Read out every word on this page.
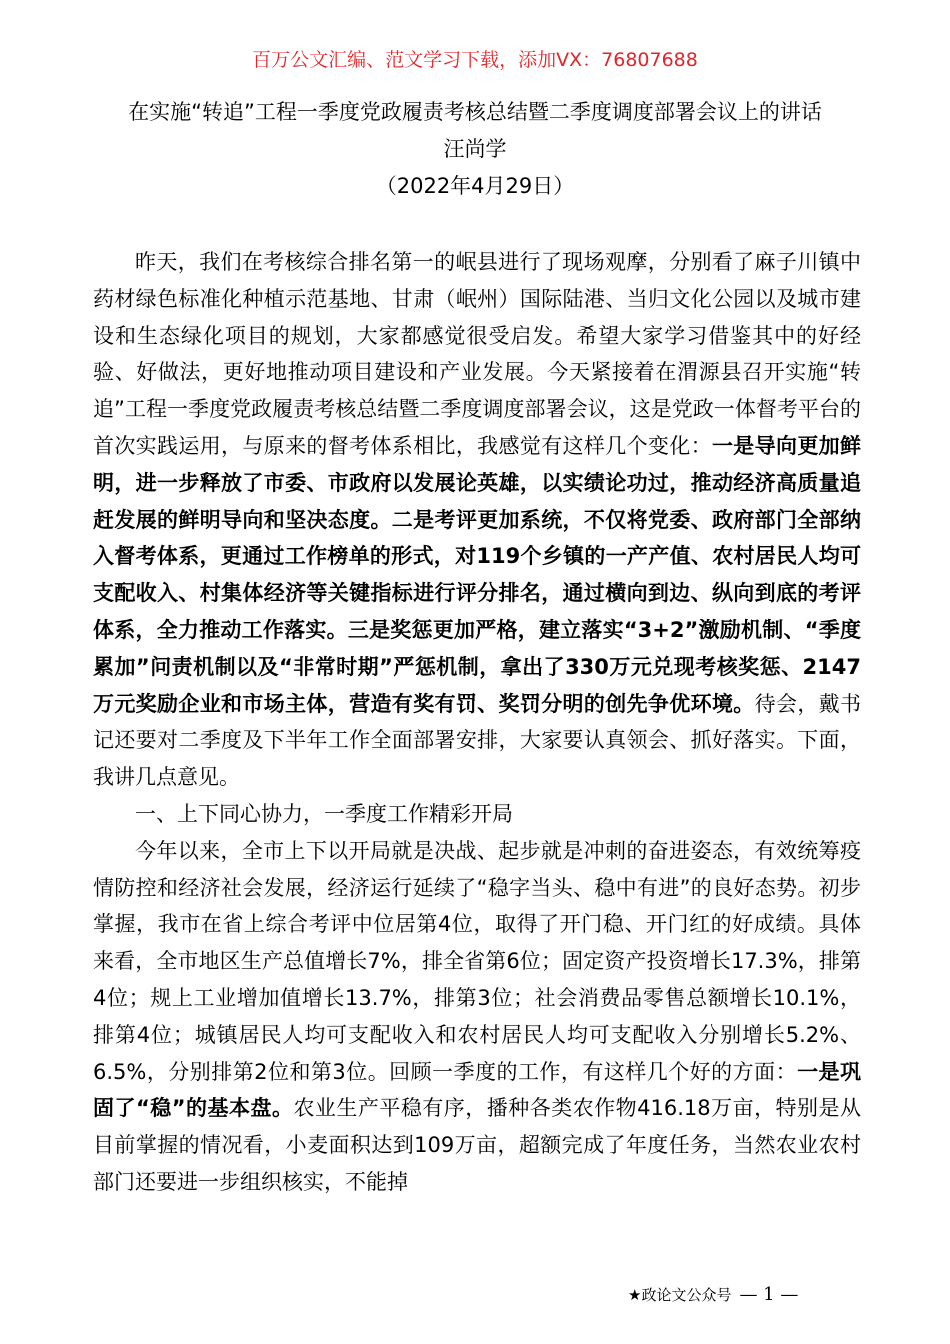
百万公文汇编、范文学习下载，添加VX：76807688

在实施“转追”工程一季度党政履责考核总结暨二季度调度部署会议上的讲话

汪尚学

（2022年4月29日）

昨天，我们在考核综合排名第一的岷县进行了现场观摩，分别看了麻子川镇中药材绿色标准化种植示范基地、甘肃（岷州）国际陆港、当归文化公园以及城市建设和生态绿化项目的规划，大家都感觉很受启发。希望大家学习借鉴其中的好经验、好做法，更好地推动项目建设和产业发展。今天紧接着在渭源县召开实施“转追”工程一季度党政履责考核总结暨二季度调度部署会议，这是党政一体督考平台的首次实践运用，与原来的督考体系相比，我感觉有这样几个变化：一是导向更加鲜明，进一步释放了市委、市政府以发展论英雄，以实绩论功过，推动经济高质量追赶发展的鲜明导向和坚决态度。二是考评更加系统，不仅将党委、政府部门全部纳入督考体系，更通过工作榜单的形式，对119个乡镇的一产产值、农村居民人均可支配收入、村集体经济等关键指标进行评分排名，通过横向到边、纵向到底的考评体系，全力推动工作落实。三是奖惩更加严格，建立落实“3+2”激励机制、“季度累加”问责机制以及“非常时期”严惩机制，拿出了330万元兑现考核奖惩、2147万元奖励企业和市场主体，营造有奖有罚、奖罚分明的创先争优环境。待会，戴书记还要对二季度及下半年工作全面部署安排，大家要认真领会、抓好落实。下面，我讲几点意见。

一、上下同心协力，一季度工作精彩开局

今年以来，全市上下以开局就是决战、起步就是冲刺的奋进姿态，有效统筹疫情防控和经济社会发展，经济运行延续了“稳字当头、稳中有进”的良好态势。初步掌握，我市在省上综合考评中位居第4位，取得了开门稳、开门红的好成绩。具体来看，全市地区生产总值增长7%，排全省第6位；固定资产投资增长17.3%，排第4位；规上工业增加值增长13.7%，排第3位；社会消费品零售总额增长10.1%，排第4位；城镇居民人均可支配收入和农村居民人均可支配收入分别增长5.2%、6.5%，分别排第2位和第3位。回顾一季度的工作，有这样几个好的方面：一是巩固了“稳”的基本盘。农业生产平稳有序，播种各类农作物416.18万亩，特别是从目前掌握的情况看，小麦面积达到109万亩，超额完成了年度任务，当然农业农村部门还要进一步组织核实，不能掉

★政论文公众号 — 1 —
